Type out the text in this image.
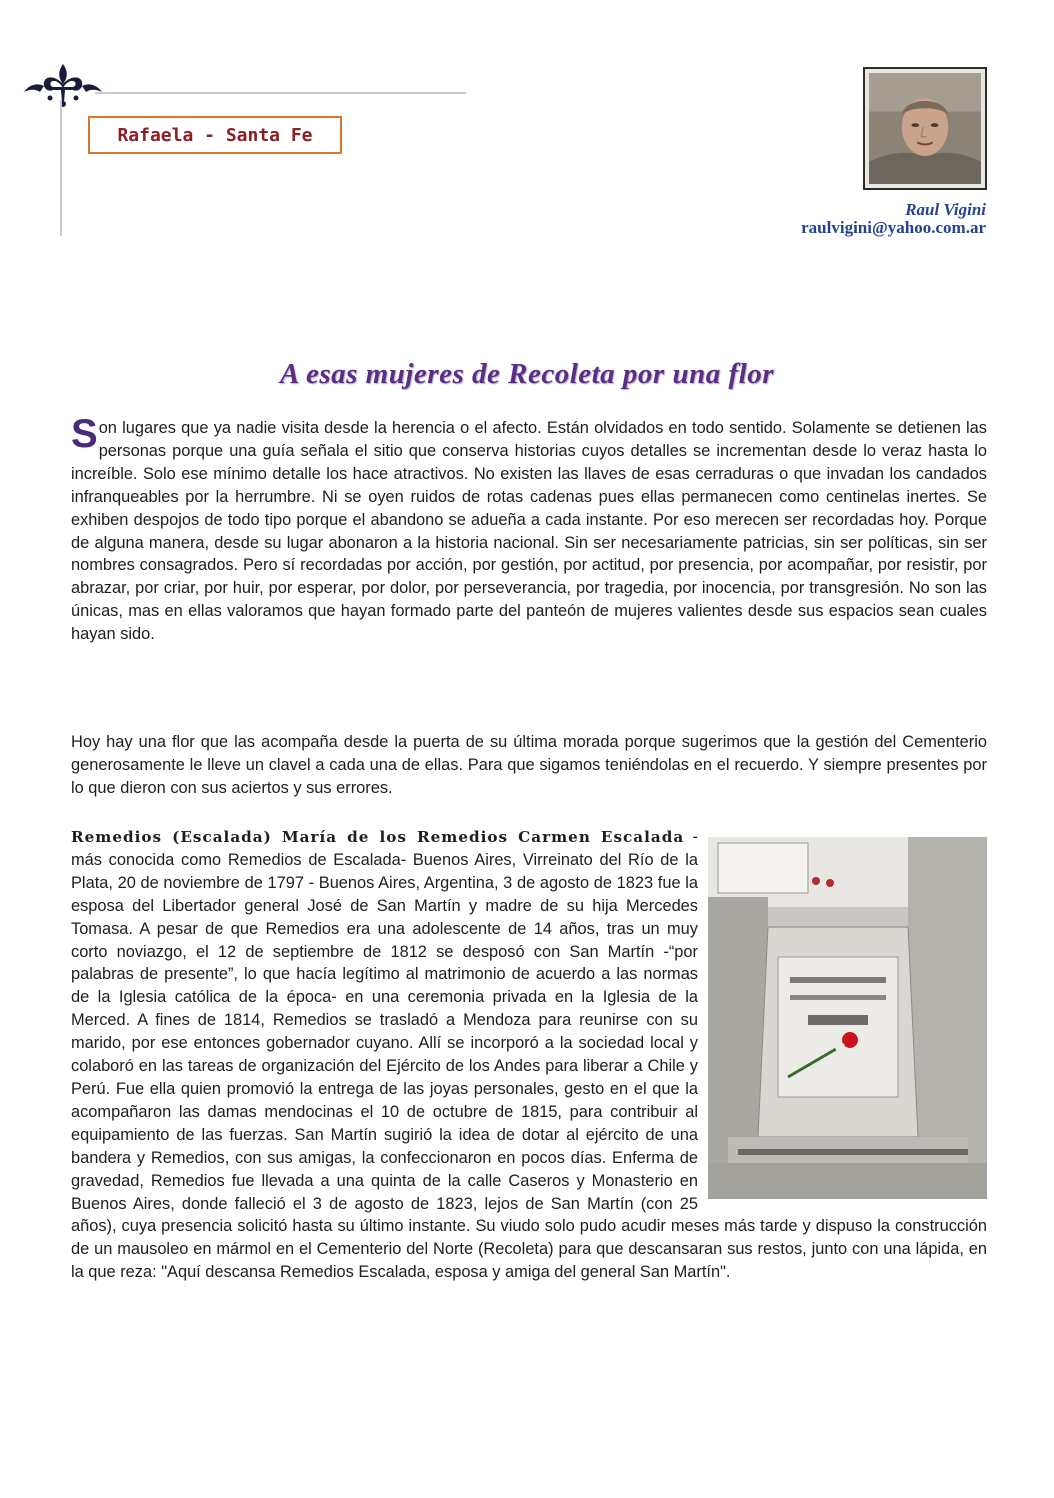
Rafaela - Santa Fe
Raul Vigini
raulvigini@yahoo.com.ar
A esas mujeres de Recoleta por una flor

Son lugares que ya nadie visita desde la herencia o el afecto. Están olvidados en todo sentido. Solamente se detienen las personas porque una guía señala el sitio que conserva historias cuyos detalles se incrementan desde lo veraz hasta lo increíble. Solo ese mínimo detalle los hace atractivos. No existen las llaves de esas cerraduras o que invadan los candados infranqueables por la herrumbre. Ni se oyen ruidos de rotas cadenas pues ellas permanecen como centinelas inertes. Se exhiben despojos de todo tipo porque el abandono se adueña a cada instante. Por eso merecen ser recordadas hoy. Porque de alguna manera, desde su lugar abonaron a la historia nacional. Sin ser necesariamente patricias, sin ser políticas, sin ser nombres consagrados. Pero sí recordadas por acción, por gestión, por actitud, por presencia, por acompañar, por resistir, por abrazar, por criar, por huir, por esperar, por dolor, por perseverancia, por tragedia, por inocencia, por transgresión. No son las únicas, mas en ellas valoramos que hayan formado parte del panteón de mujeres valientes desde sus espacios sean cuales hayan sido.

Hoy hay una flor que las acompaña desde la puerta de su última morada porque sugerimos que la gestión del Cementerio generosamente le lleve un clavel a cada una de ellas. Para que sigamos teniéndolas en el recuerdo. Y siempre presentes por lo que dieron con sus aciertos y sus errores.

Remedios (Escalada) María de los Remedios Carmen Escalada -más conocida como Remedios de Escalada- Buenos Aires, Virreinato del Río de la Plata, 20 de noviembre de 1797 - Buenos Aires, Argentina, 3 de agosto de 1823 fue la esposa del Libertador general José de San Martín y madre de su hija Mercedes Tomasa. A pesar de que Remedios era una adolescente de 14 años, tras un muy corto noviazgo, el 12 de septiembre de 1812 se desposó con San Martín -“por palabras de presente”, lo que hacía legítimo al matrimonio de acuerdo a las normas de la Iglesia católica de la época- en una ceremonia privada en la Iglesia de la Merced. A fines de 1814, Remedios se trasladó a Mendoza para reunirse con su marido, por ese entonces gobernador cuyano. Allí se incorporó a la sociedad local y colaboró en las tareas de organización del Ejército de los Andes para liberar a Chile y Perú. Fue ella quien promovió la entrega de las joyas personales, gesto en el que la acompañaron las damas mendocinas el 10 de octubre de 1815, para contribuir al equipamiento de las fuerzas. San Martín sugirió la idea de dotar al ejército de una bandera y Remedios, con sus amigas, la confeccionaron en pocos días. Enferma de gravedad, Remedios fue llevada a una quinta de la calle Caseros y Monasterio en Buenos Aires, donde falleció el 3 de agosto de 1823, lejos de San Martín (con 25 años), cuya presencia solicitó hasta su último instante. Su viudo solo pudo acudir meses más tarde y dispuso la construcción de un mausoleo en mármol en el Cementerio del Norte (Recoleta) para que descansaran sus restos, junto con una lápida, en la que reza: "Aquí descansa Remedios Escalada, esposa y amiga del general San Martín".
